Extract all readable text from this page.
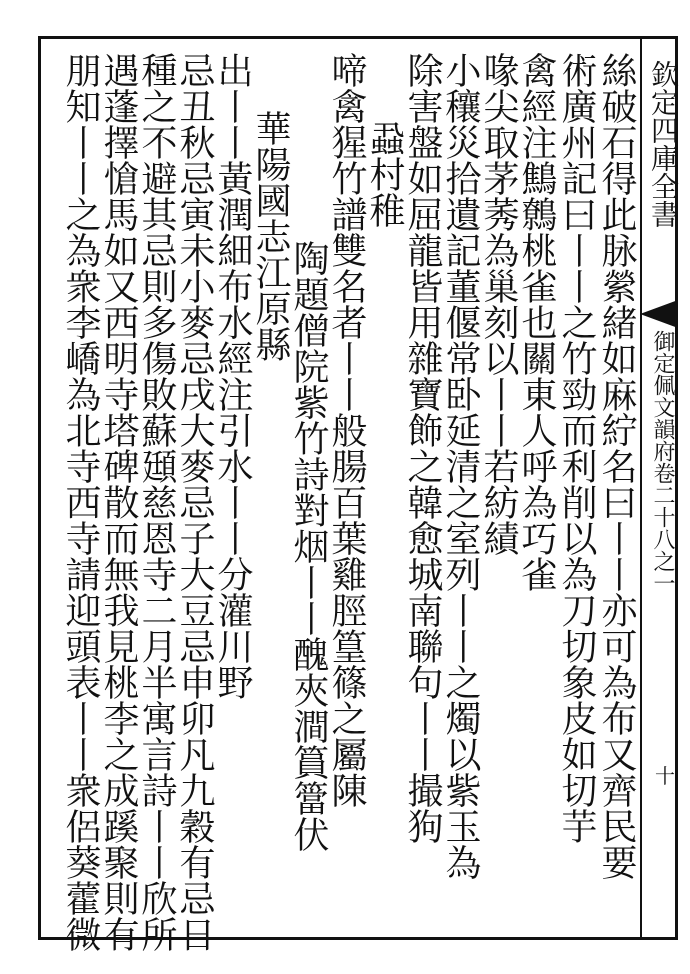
欽定四庫全書
御定佩文韻府卷二十八之一
十
絲破石得此脉縈緒如麻紵名曰丨丨亦可為布又齊民要
術廣州記曰丨丨之竹勁而利削以為刀切象皮如切芋
禽經注鷦鷯桃雀也關東人呼為巧雀
喙尖取茅莠為巢刻以丨丨若紡績
小穰災拾遺記董偃常卧延清之室列丨丨之燭以紫玉為
除害盤如屈龍皆用雜寶飾之韓愈城南聯句丨丨撮狗
蝨村稚
啼禽猩竹譜雙名者丨丨般腸百葉雞脛篁篠之屬陳
陶題僧院紫竹詩對烟丨丨醜夾澗篔簹伏
華陽國志江原縣
出丨丨黃潤細布水經注引水丨丨分灌川野
忌丑秋忌寅未小麥忌戌大麥忌子大豆忌申卯凡九穀有忌日
種之不避其忌則多傷敗蘇頲慈恩寺二月半寓言詩丨丨欣所
遇蓬擇愴馬如又西明寺塔碑散而無我見桃李之成蹊聚則有
朋知丨丨之為衆李嶠為北寺西寺請迎頭表丨丨衆侶葵藿微
